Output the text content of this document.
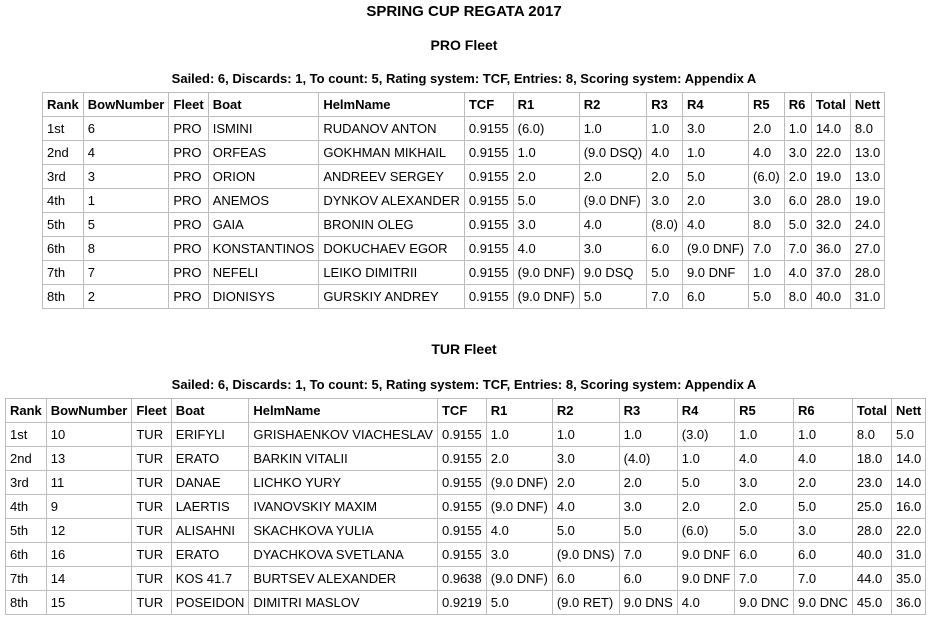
SPRING CUP REGATA 2017
PRO Fleet
Sailed: 6, Discards: 1, To count: 5, Rating system: TCF, Entries: 8, Scoring system: Appendix A
Rank	BowNumber	Fleet	Boat	HelmName	TCF	R1	R2	R3	R4	R5	R6	Total	Nett
1st	6	PRO	ISMINI	RUDANOV ANTON	0.9155	(6.0)	1.0	1.0	3.0	2.0	1.0	14.0	8.0
2nd	4	PRO	ORFEAS	GOKHMAN MIKHAIL	0.9155	1.0	(9.0 DSQ)	4.0	1.0	4.0	3.0	22.0	13.0
3rd	3	PRO	ORION	ANDREEV SERGEY	0.9155	2.0	2.0	2.0	5.0	(6.0)	2.0	19.0	13.0
4th	1	PRO	ANEMOS	DYNKOV ALEXANDER	0.9155	5.0	(9.0 DNF)	3.0	2.0	3.0	6.0	28.0	19.0
5th	5	PRO	GAIA	BRONIN OLEG	0.9155	3.0	4.0	(8.0)	4.0	8.0	5.0	32.0	24.0
6th	8	PRO	KONSTANTINOS	DOKUCHAEV EGOR	0.9155	4.0	3.0	6.0	(9.0 DNF)	7.0	7.0	36.0	27.0
7th	7	PRO	NEFELI	LEIKO DIMITRII	0.9155	(9.0 DNF)	9.0 DSQ	5.0	9.0 DNF	1.0	4.0	37.0	28.0
8th	2	PRO	DIONISYS	GURSKIY ANDREY	0.9155	(9.0 DNF)	5.0	7.0	6.0	5.0	8.0	40.0	31.0
TUR Fleet
Sailed: 6, Discards: 1, To count: 5, Rating system: TCF, Entries: 8, Scoring system: Appendix A
Rank	BowNumber	Fleet	Boat	HelmName	TCF	R1	R2	R3	R4	R5	R6	Total	Nett
1st	10	TUR	ERIFYLI	GRISHAENKOV VIACHESLAV	0.9155	1.0	1.0	1.0	(3.0)	1.0	1.0	8.0	5.0
2nd	13	TUR	ERATO	BARKIN VITALII	0.9155	2.0	3.0	(4.0)	1.0	4.0	4.0	18.0	14.0
3rd	11	TUR	DANAE	LICHKO YURY	0.9155	(9.0 DNF)	2.0	2.0	5.0	3.0	2.0	23.0	14.0
4th	9	TUR	LAERTIS	IVANOVSKIY MAXIM	0.9155	(9.0 DNF)	4.0	3.0	2.0	2.0	5.0	25.0	16.0
5th	12	TUR	ALISAHNI	SKACHKOVA YULIA	0.9155	4.0	5.0	5.0	(6.0)	5.0	3.0	28.0	22.0
6th	16	TUR	ERATO	DYACHKOVA SVETLANA	0.9155	3.0	(9.0 DNS)	7.0	9.0 DNF	6.0	6.0	40.0	31.0
7th	14	TUR	KOS 41.7	BURTSEV ALEXANDER	0.9638	(9.0 DNF)	6.0	6.0	9.0 DNF	7.0	7.0	44.0	35.0
8th	15	TUR	POSEIDON	DIMITRI MASLOV	0.9219	5.0	(9.0 RET)	9.0 DNS	4.0	9.0 DNC	9.0 DNC	45.0	36.0
